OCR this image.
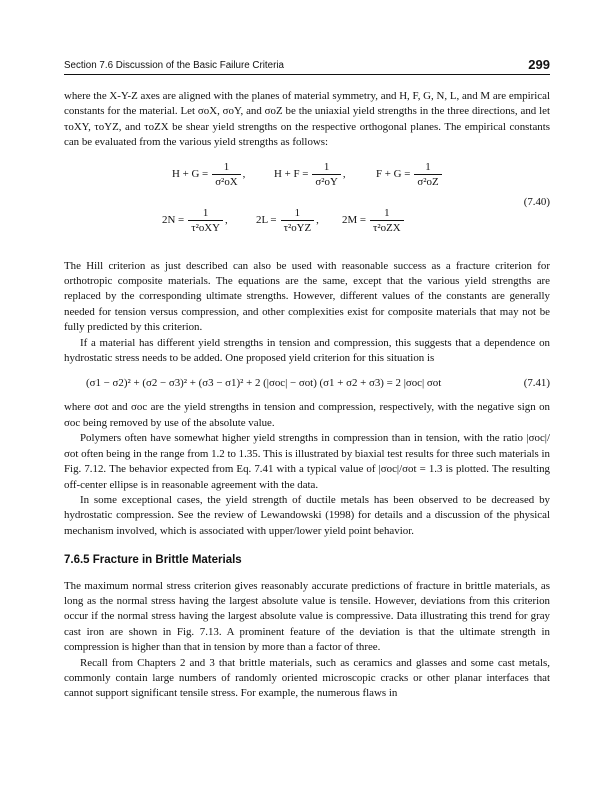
Section 7.6 Discussion of the Basic Failure Criteria	299

where the X-Y-Z axes are aligned with the planes of material symmetry, and H, F, G, N, L, and M are empirical constants for the material. Let σoX, σoY, and σoZ be the uniaxial yield strengths in the three directions, and let τoXY, τoYZ, and τoZX be shear yield strengths on the respective orthogonal planes. The empirical constants can be evaluated from the various yield strengths as follows:

$H + G = \frac{1}{\text{σ²oX}}$ ,	$H + F = \frac{1}{\text{σ²oY}}$ ,	$F + G = \frac{1}{\text{σ²oZ}}$
$2N = \frac{1}{\text{τ²oXY}}$ ,	$2L = \frac{1}{\text{τ²oYZ}}$ , $2M = \frac{1}{\text{τ²oZX}}$
(7.40)

The Hill criterion as just described can also be used with reasonable success as a fracture criterion for orthotropic composite materials. The equations are the same, except that the various yield strengths are replaced by the corresponding ultimate strengths. However, different values of the constants are generally needed for tension versus compression, and other complexities exist for composite materials that may not be fully predicted by this criterion.

If a material has different yield strengths in tension and compression, this suggests that a dependence on hydrostatic stress needs to be added. One proposed yield criterion for this situation is

(σ1 − σ2)² + (σ2 − σ3)² + (σ3 − σ1)² + 2 (|σoc| − σot) (σ1 + σ2 + σ3) = 2 |σoc| σot	(7.41)

where σot and σoc are the yield strengths in tension and compression, respectively, with the negative sign on σoc being removed by use of the absolute value.

Polymers often have somewhat higher yield strengths in compression than in tension, with the ratio |σoc|/σot often being in the range from 1.2 to 1.35. This is illustrated by biaxial test results for three such materials in Fig. 7.12. The behavior expected from Eq. 7.41 with a typical value of |σoc|/σot = 1.3 is plotted. The resulting off-center ellipse is in reasonable agreement with the data.

In some exceptional cases, the yield strength of ductile metals has been observed to be decreased by hydrostatic compression. See the review of Lewandowski (1998) for details and a discussion of the physical mechanism involved, which is associated with upper/lower yield point behavior.

7.6.5 Fracture in Brittle Materials

The maximum normal stress criterion gives reasonably accurate predictions of fracture in brittle materials, as long as the normal stress having the largest absolute value is tensile. However, deviations from this criterion occur if the normal stress having the largest absolute value is compressive. Data illustrating this trend for gray cast iron are shown in Fig. 7.13. A prominent feature of the deviation is that the ultimate strength in compression is higher than that in tension by more than a factor of three.

Recall from Chapters 2 and 3 that brittle materials, such as ceramics and glasses and some cast metals, commonly contain large numbers of randomly oriented microscopic cracks or other planar interfaces that cannot support significant tensile stress. For example, the numerous flaws in
